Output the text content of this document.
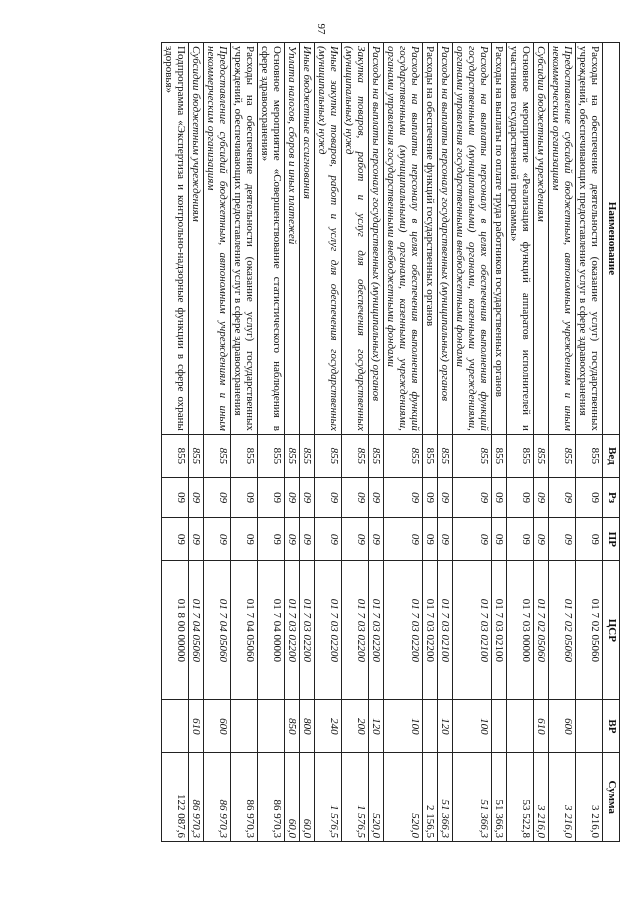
97
Наименование	Вед	Рз	ПР	ЦСР	ВР	Сумма
Расходы на обеспечение деятельности (оказание услуг) государственных учреждений, обеспечивающих предоставление услуг в сфере здравоохранения	855	09	09	01 7 02 05060		3 216,0
Предоставление субсидий бюджетным, автономным учреждениям и иным некоммерческим организациям	855	09	09	01 7 02 05060	600	3 216,0
Субсидии бюджетным учреждениям	855	09	09	01 7 02 05060	610	3 216,0
Основное мероприятие «Реализация функций аппаратов исполнителей и участников государственной программы»	855	09	09	01 7 03 00000		53 522,8
Расходы на выплаты по оплате труда работников государственных органов	855	09	09	01 7 03 02100		51 366,3
Расходы на выплаты персоналу в целях обеспечения выполнения функций государственными (муниципальными) органами, казенными учреждениями, органами управления государственными внебюджетными фондами	855	09	09	01 7 03 02100	100	51 366,3
Расходы на выплаты персоналу государственных (муниципальных) органов	855	09	09	01 7 03 02100	120	51 366,3
Расходы на обеспечение функций государственных органов	855	09	09	01 7 03 02200		2 156,5
Расходы на выплаты персоналу в целях обеспечения выполнения функций государственными (муниципальными) органами, казенными учреждениями, органами управления государственными внебюджетными фондами	855	09	09	01 7 03 02200	100	520,0
Расходы на выплаты персоналу государственных (муниципальных) органов	855	09	09	01 7 03 02200	120	520,0
Закупка товаров, работ и услуг для обеспечения государственных (муниципальных) нужд	855	09	09	01 7 03 02200	200	1 576,5
Иные закупки товаров, работ и услуг для обеспечения государственных (муниципальных) нужд	855	09	09	01 7 03 02200	240	1 576,5
Иные бюджетные ассигнования	855	09	09	01 7 03 02200	800	60,0
Уплата налогов, сборов и иных платежей	855	09	09	01 7 03 02200	850	60,0
Основное мероприятие «Совершенствование статистического наблюдения в сфере здравоохранения»	855	09	09	01 7 04 00000		86 970,3
Расходы на обеспечение деятельности (оказание услуг) государственных учреждений, обеспечивающих предоставление услуг в сфере здравоохранения	855	09	09	01 7 04 05060		86 970,3
Предоставление субсидий бюджетным, автономным учреждениям и иным некоммерческим организациям	855	09	09	01 7 04 05060	600	86 970,3
Субсидии бюджетным учреждениям	855	09	09	01 7 04 05060	610	86 970,3
Подпрограмма «Экспертиза и контрольно-надзорные функции в сфере охраны здоровья»	855	09	09	01 8 00 00000		122 087,6
